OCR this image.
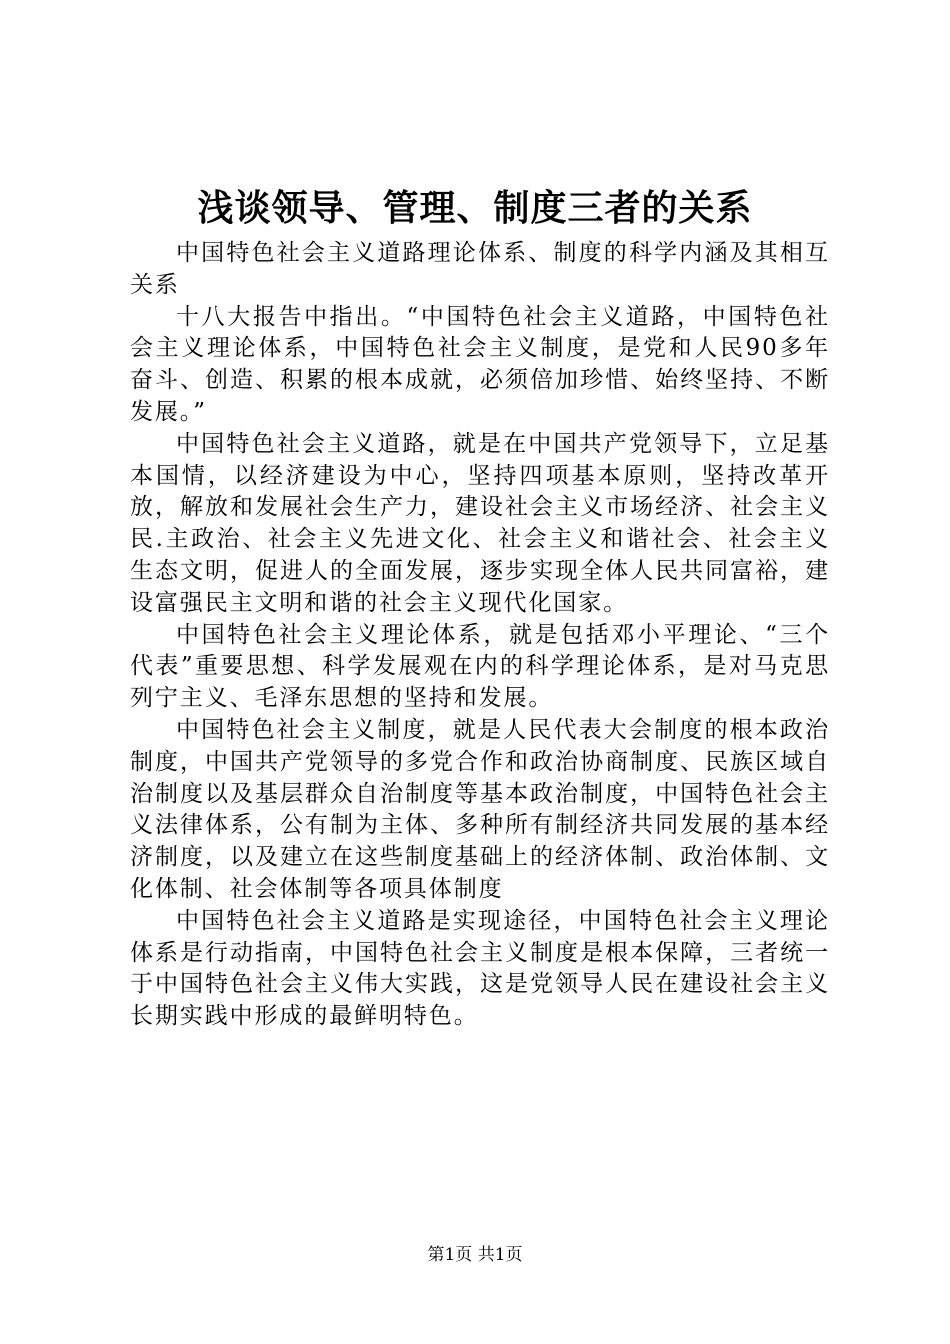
浅谈领导、管理、制度三者的关系

中国特色社会主义道路理论体系、制度的科学内涵及其相互关系

十八大报告中指出。“中国特色社会主义道路，中国特色社会主义理论体系，中国特色社会主义制度，是党和人民90多年奋斗、创造、积累的根本成就，必须倍加珍惜、始终坚持、不断发展。”

中国特色社会主义道路，就是在中国共产党领导下，立足基本国情，以经济建设为中心，坚持四项基本原则，坚持改革开放，解放和发展社会生产力，建设社会主义市场经济、社会主义民.主政治、社会主义先进文化、社会主义和谐社会、社会主义生态文明，促进人的全面发展，逐步实现全体人民共同富裕，建设富强民主文明和谐的社会主义现代化国家。

中国特色社会主义理论体系，就是包括邓小平理论、“三个代表”重要思想、科学发展观在内的科学理论体系，是对马克思列宁主义、毛泽东思想的坚持和发展。

中国特色社会主义制度，就是人民代表大会制度的根本政治制度，中国共产党领导的多党合作和政治协商制度、民族区域自治制度以及基层群众自治制度等基本政治制度，中国特色社会主义法律体系，公有制为主体、多种所有制经济共同发展的基本经济制度，以及建立在这些制度基础上的经济体制、政治体制、文化体制、社会体制等各项具体制度

中国特色社会主义道路是实现途径，中国特色社会主义理论体系是行动指南，中国特色社会主义制度是根本保障，三者统一于中国特色社会主义伟大实践，这是党领导人民在建设社会主义长期实践中形成的最鲜明特色。

第1页 共1页
